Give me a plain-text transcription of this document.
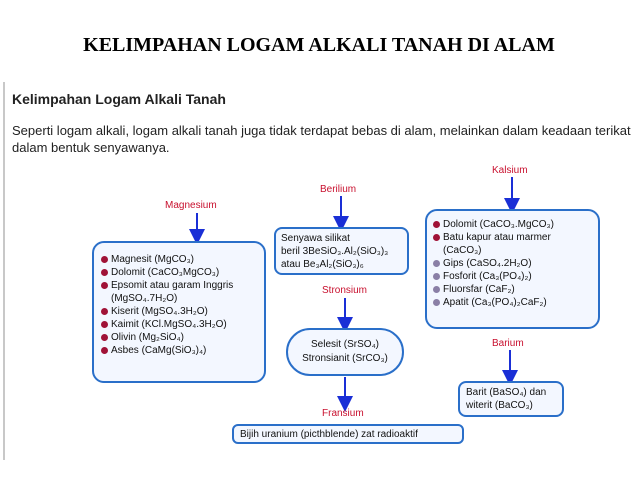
KELIMPAHAN LOGAM ALKALI TANAH DI ALAM
Kelimpahan Logam Alkali Tanah
Seperti logam alkali, logam alkali tanah juga tidak terdapat bebas di alam, melainkan dalam keadaan terikat dalam bentuk senyawanya.
Magnesium
Berilium
Kalsium
Stronsium
Barium
Fransium
Magnesit (MgCO₃)
Dolomit (CaCO₃MgCO₃)
Epsomit atau garam Inggris
(MgSO₄.7H₂O)
Kiserit (MgSO₄.3H₂O)
Kaimit (KCl.MgSO₄.3H₂O)
Olivin (Mg₂SiO₄)
Asbes (CaMg(SiO₃)₄)
Senyawa silikat
beril 3BeSiO₃.Al₂(SiO₃)₃
atau Be₃Al₂(SiO₃)₆
Selesit (SrSO₄)
Stronsianit (SrCO₃)
Dolomit (CaCO₃.MgCO₃)
Batu kapur atau marmer
(CaCO₃)
Gips (CaSO₄.2H₂O)
Fosforit (Ca₃(PO₄)₂)
Fluorsfar (CaF₂)
Apatit (Ca₃(PO₄)₂CaF₂)
Barit (BaSO₄) dan
witerit (BaCO₃)
Bijih uranium (picthblende) zat radioaktif
